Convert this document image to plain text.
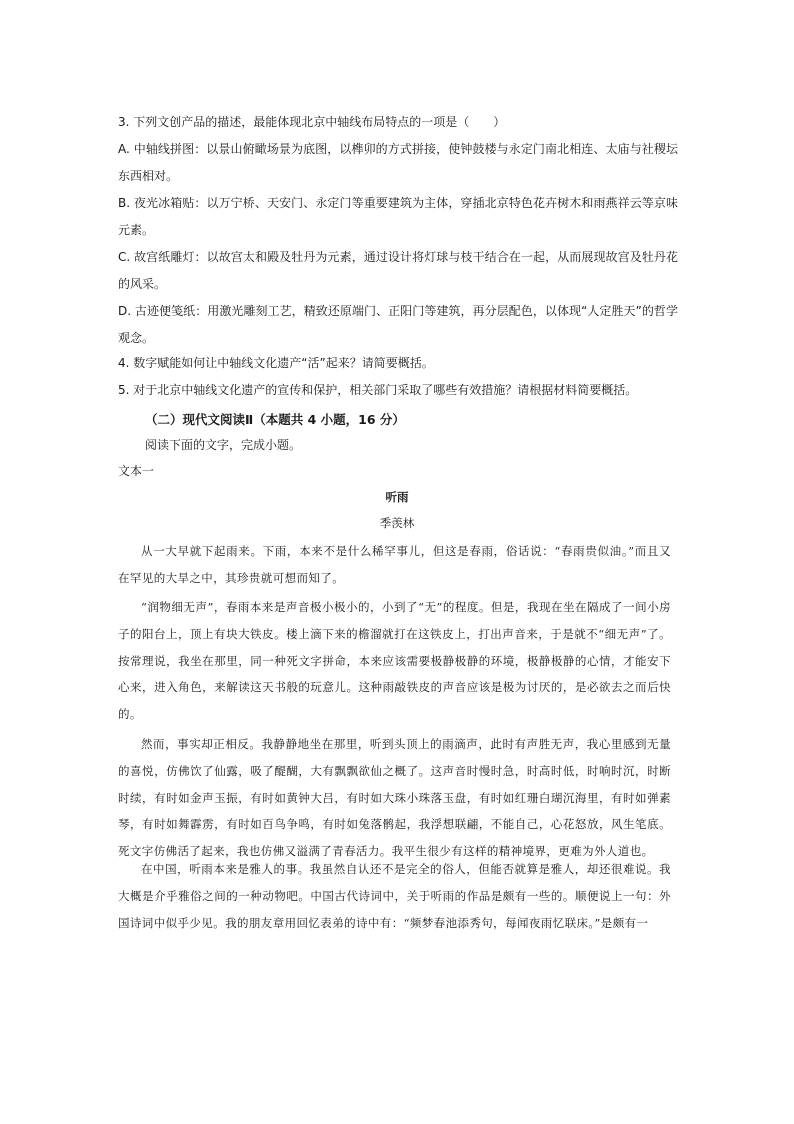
3. 下列文创产品的描述，最能体现北京中轴线布局特点的一项是（　　）
A. 中轴线拼图：以景山俯瞰场景为底图，以榫卯的方式拼接，使钟鼓楼与永定门南北相连、太庙与社稷坛东西相对。
B. 夜光冰箱贴：以万宁桥、天安门、永定门等重要建筑为主体，穿插北京特色花卉树木和雨燕祥云等京味元素。
C. 故宫纸雕灯：以故宫太和殿及牡丹为元素，通过设计将灯球与枝干结合在一起，从而展现故宫及牡丹花的风采。
D. 古迹便笺纸：用激光雕刻工艺，精致还原端门、正阳门等建筑，再分层配色，以体现“人定胜天”的哲学观念。
4. 数字赋能如何让中轴线文化遗产“活”起来？请简要概括。
5. 对于北京中轴线文化遗产的宣传和保护，相关部门采取了哪些有效措施？请根据材料简要概括。
（二）现代文阅读Ⅱ（本题共 4 小题，16 分）
阅读下面的文字，完成小题。
文本一
听雨
季羡林
从一大早就下起雨来。下雨，本来不是什么稀罕事儿，但这是春雨，俗话说：“春雨贵似油。”而且又在罕见的大旱之中，其珍贵就可想而知了。
“润物细无声”，春雨本来是声音极小极小的，小到了“无”的程度。但是，我现在坐在隔成了一间小房子的阳台上，顶上有块大铁皮。楼上滴下来的檐溜就打在这铁皮上，打出声音来，于是就不“细无声”了。按常理说，我坐在那里，同一种死文字拼命，本来应该需要极静极静的环境，极静极静的心情，才能安下心来，进入角色，来解读这天书般的玩意儿。这种雨敲铁皮的声音应该是极为讨厌的，是必欲去之而后快的。
然而，事实却正相反。我静静地坐在那里，听到头顶上的雨滴声，此时有声胜无声，我心里感到无量的喜悦，仿佛饮了仙露，吸了醍醐，大有飘飘欲仙之概了。这声音时慢时急，时高时低，时响时沉，时断时续，有时如金声玉振，有时如黄钟大吕，有时如大珠小珠落玉盘，有时如红珊白瑚沉海里，有时如弹素琴，有时如舞霹雳，有时如百鸟争鸣，有时如兔落鹘起，我浮想联翩，不能自己，心花怒放，风生笔底。死文字仿佛活了起来，我也仿佛又溢满了青春活力。我平生很少有这样的精神境界，更难为外人道也。
在中国，听雨本来是雅人的事。我虽然自认还不是完全的俗人，但能否就算是雅人，却还很难说。我大概是介乎雅俗之间的一种动物吧。中国古代诗词中，关于听雨的作品是颇有一些的。顺便说上一句：外国诗词中似乎少见。我的朋友章用回忆表弟的诗中有：“频梦春池添秀句，每闻夜雨忆联床。”是颇有一
